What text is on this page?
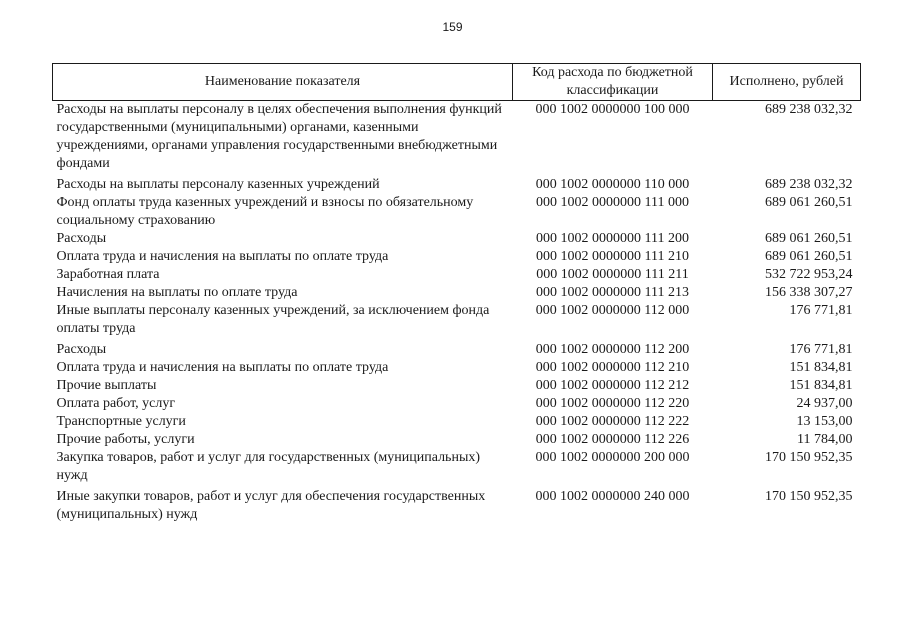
159
Наименование показателя	Код расхода по бюджетной классификации	Исполнено, рублей
Расходы на выплаты персоналу в целях обеспечения выполнения функций государственными (муниципальными) органами, казенными учреждениями, органами управления государственными внебюджетными фондами	000 1002 0000000 100 000	689 238 032,32
Расходы на выплаты персоналу казенных учреждений	000 1002 0000000 110 000	689 238 032,32
Фонд оплаты труда казенных учреждений и взносы по обязательному социальному страхованию	000 1002 0000000 111 000	689 061 260,51
Расходы	000 1002 0000000 111 200	689 061 260,51
Оплата труда и начисления на выплаты по оплате труда	000 1002 0000000 111 210	689 061 260,51
Заработная плата	000 1002 0000000 111 211	532 722 953,24
Начисления на выплаты по оплате труда	000 1002 0000000 111 213	156 338 307,27
Иные выплаты персоналу казенных учреждений, за исключением фонда оплаты труда	000 1002 0000000 112 000	176 771,81
Расходы	000 1002 0000000 112 200	176 771,81
Оплата труда и начисления на выплаты по оплате труда	000 1002 0000000 112 210	151 834,81
Прочие выплаты	000 1002 0000000 112 212	151 834,81
Оплата работ, услуг	000 1002 0000000 112 220	24 937,00
Транспортные услуги	000 1002 0000000 112 222	13 153,00
Прочие работы, услуги	000 1002 0000000 112 226	11 784,00
Закупка товаров, работ и услуг для государственных (муниципальных) нужд	000 1002 0000000 200 000	170 150 952,35
Иные закупки товаров, работ и услуг для обеспечения государственных (муниципальных) нужд	000 1002 0000000 240 000	170 150 952,35
